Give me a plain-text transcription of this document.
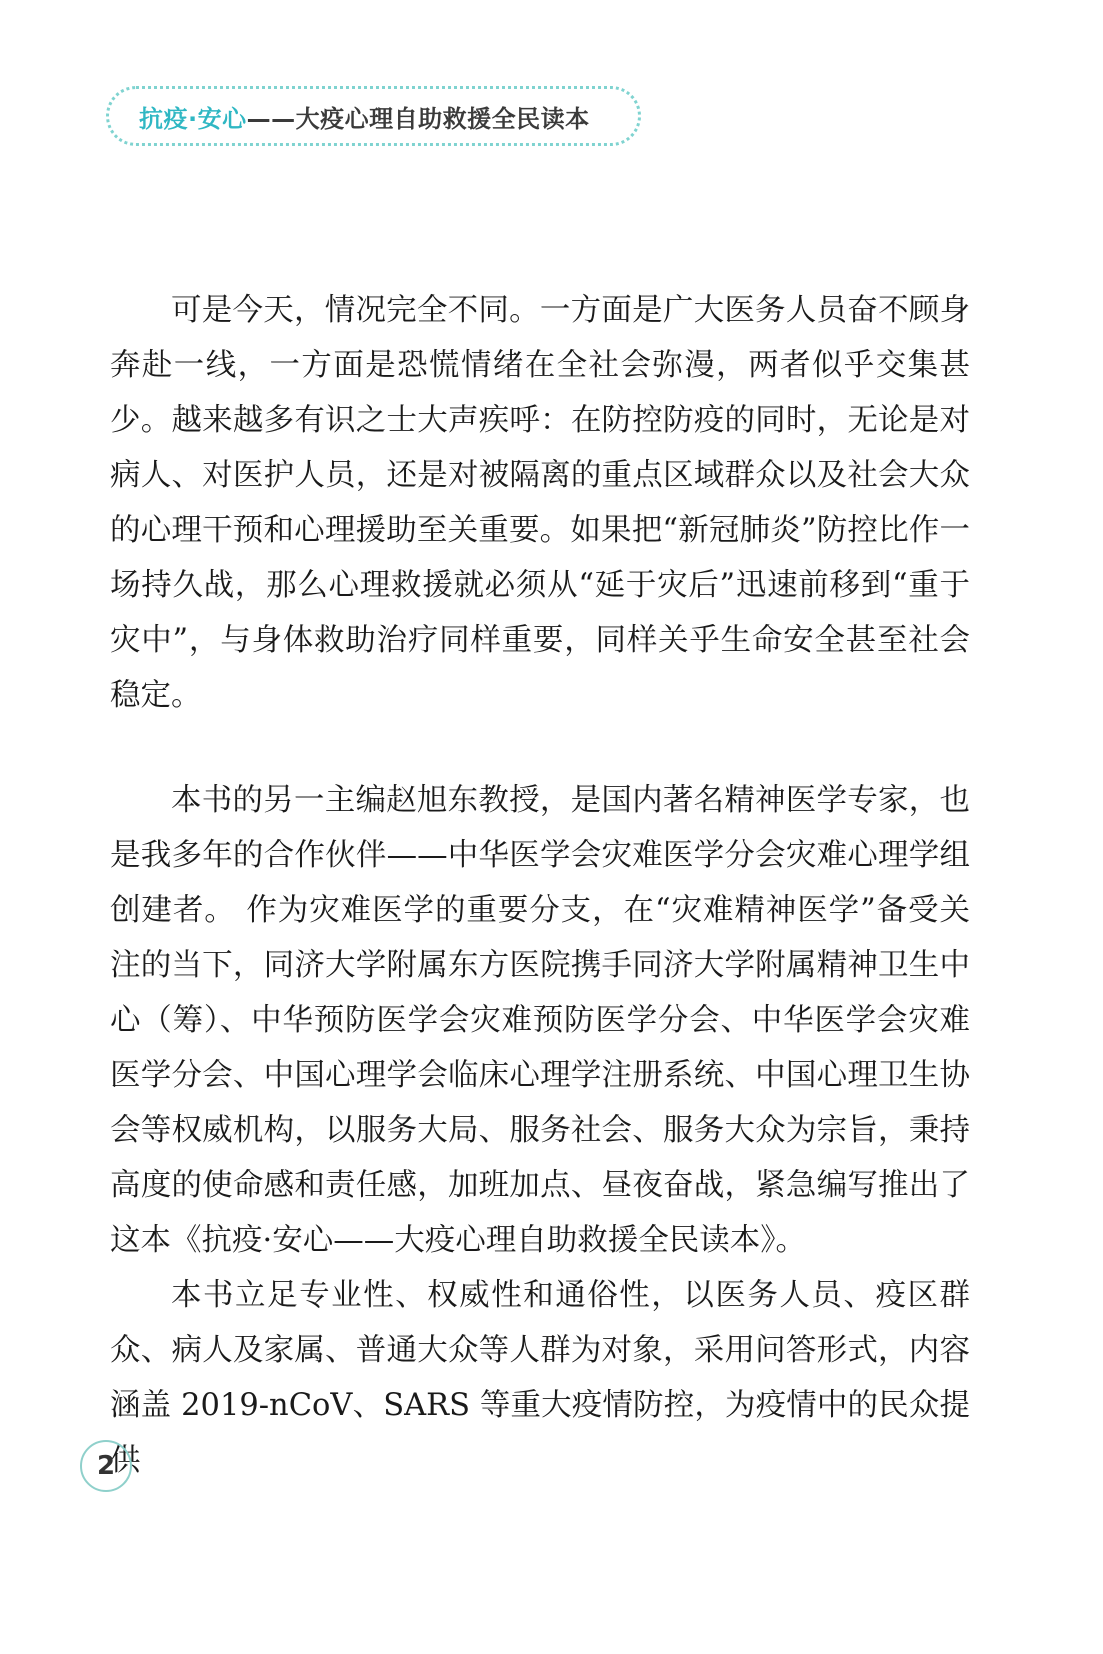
抗疫·安心——大疫心理自助救援全民读本

可是今天，情况完全不同。一方面是广大医务人员奋不顾身奔赴一线，一方面是恐慌情绪在全社会弥漫，两者似乎交集甚少。越来越多有识之士大声疾呼：在防控防疫的同时，无论是对病人、对医护人员，还是对被隔离的重点区域群众以及社会大众的心理干预和心理援助至关重要。如果把“新冠肺炎”防控比作一场持久战，那么心理救援就必须从“延于灾后”迅速前移到“重于灾中”，与身体救助治疗同样重要，同样关乎生命安全甚至社会稳定。

本书的另一主编赵旭东教授，是国内著名精神医学专家，也是我多年的合作伙伴——中华医学会灾难医学分会灾难心理学组创建者。 作为灾难医学的重要分支，在“灾难精神医学”备受关注的当下，同济大学附属东方医院携手同济大学附属精神卫生中心（筹）、中华预防医学会灾难预防医学分会、中华医学会灾难医学分会、中国心理学会临床心理学注册系统、中国心理卫生协会等权威机构，以服务大局、服务社会、服务大众为宗旨，秉持高度的使命感和责任感，加班加点、昼夜奋战，紧急编写推出了这本《抗疫·安心——大疫心理自助救援全民读本》。

本书立足专业性、权威性和通俗性，以医务人员、疫区群众、病人及家属、普通大众等人群为对象，采用问答形式，内容涵盖 2019-nCoV、SARS 等重大疫情防控，为疫情中的民众提供

2
